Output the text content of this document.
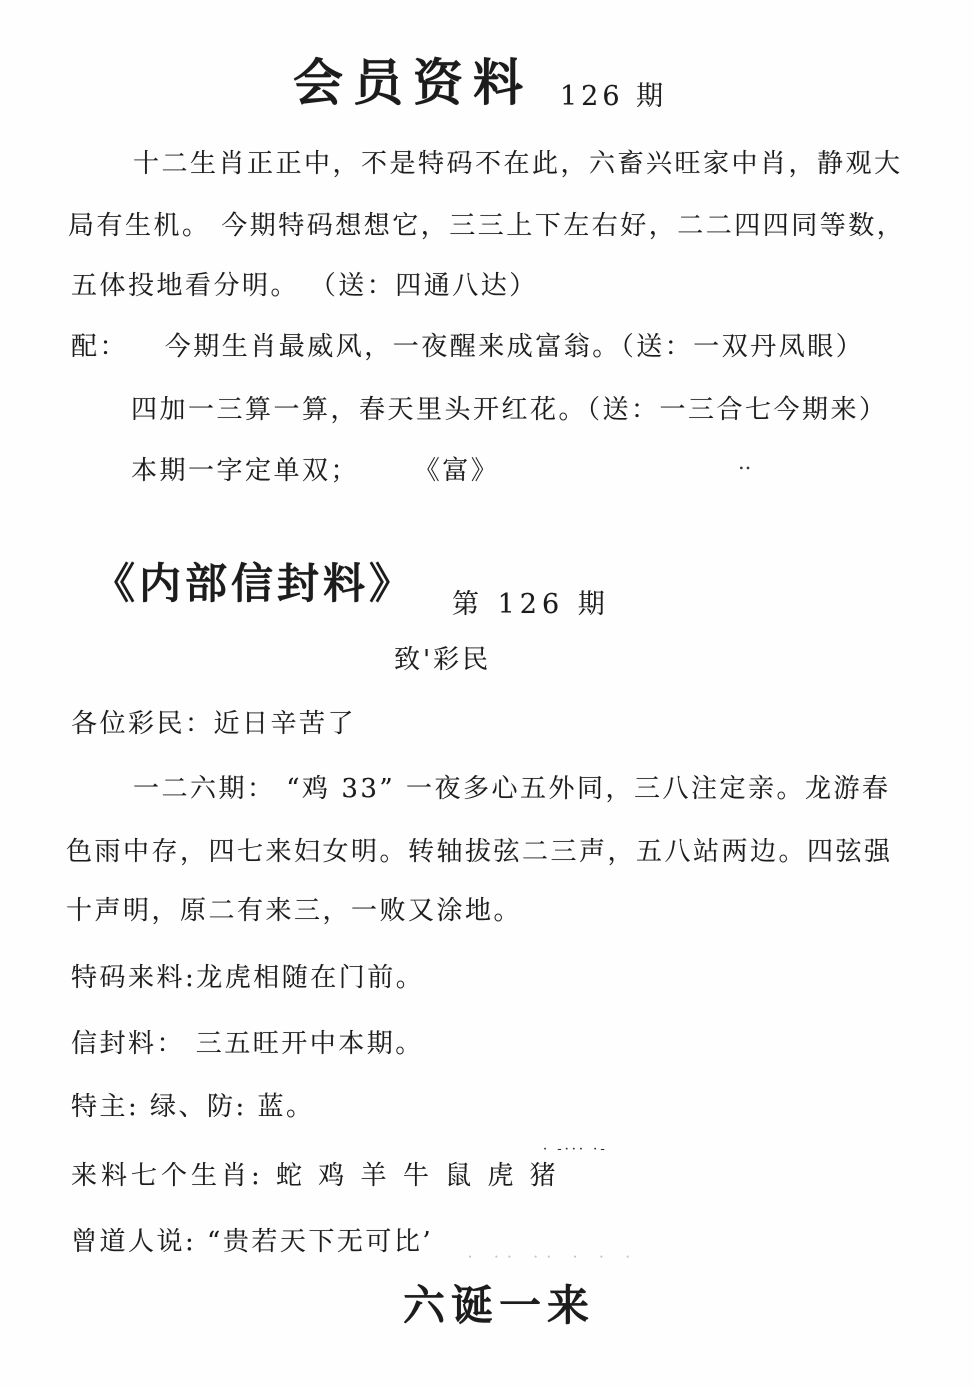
会员资料 126 期
十二生肖正正中，不是特码不在此，六畜兴旺家中肖，静观大
局有生机。 今期特码想想它，三三上下左右好，二二四四同等数，
五体投地看分明。 （送：四通八达）
配： 今期生肖最威风，一夜醒来成富翁。（送：一双丹凤眼）
四加一三算一算，春天里头开红花。（送：一三合七今期来）
本期一字定单双； 《富》	‥
《内部信封料》 第 126 期
致'彩民
各位彩民：近日辛苦了
一二六期： “鸡 33” 一夜多心五外同，三八注定亲。龙游春
色雨中存，四七来妇女明。转轴拔弦二三声，五八站两边。四弦强
十声明，原二有来三，一败又涂地。
特码来料:龙虎相随在门前。
信封料： 三五旺开中本期。
特主: 绿、防: 蓝。
· ‐··· ·‐
来料七个生肖: 蛇 鸡 羊 牛 鼠 虎 猪
曾道人说: “贵若天下无可比’
· ·· ·· · · ·
六诞一来
